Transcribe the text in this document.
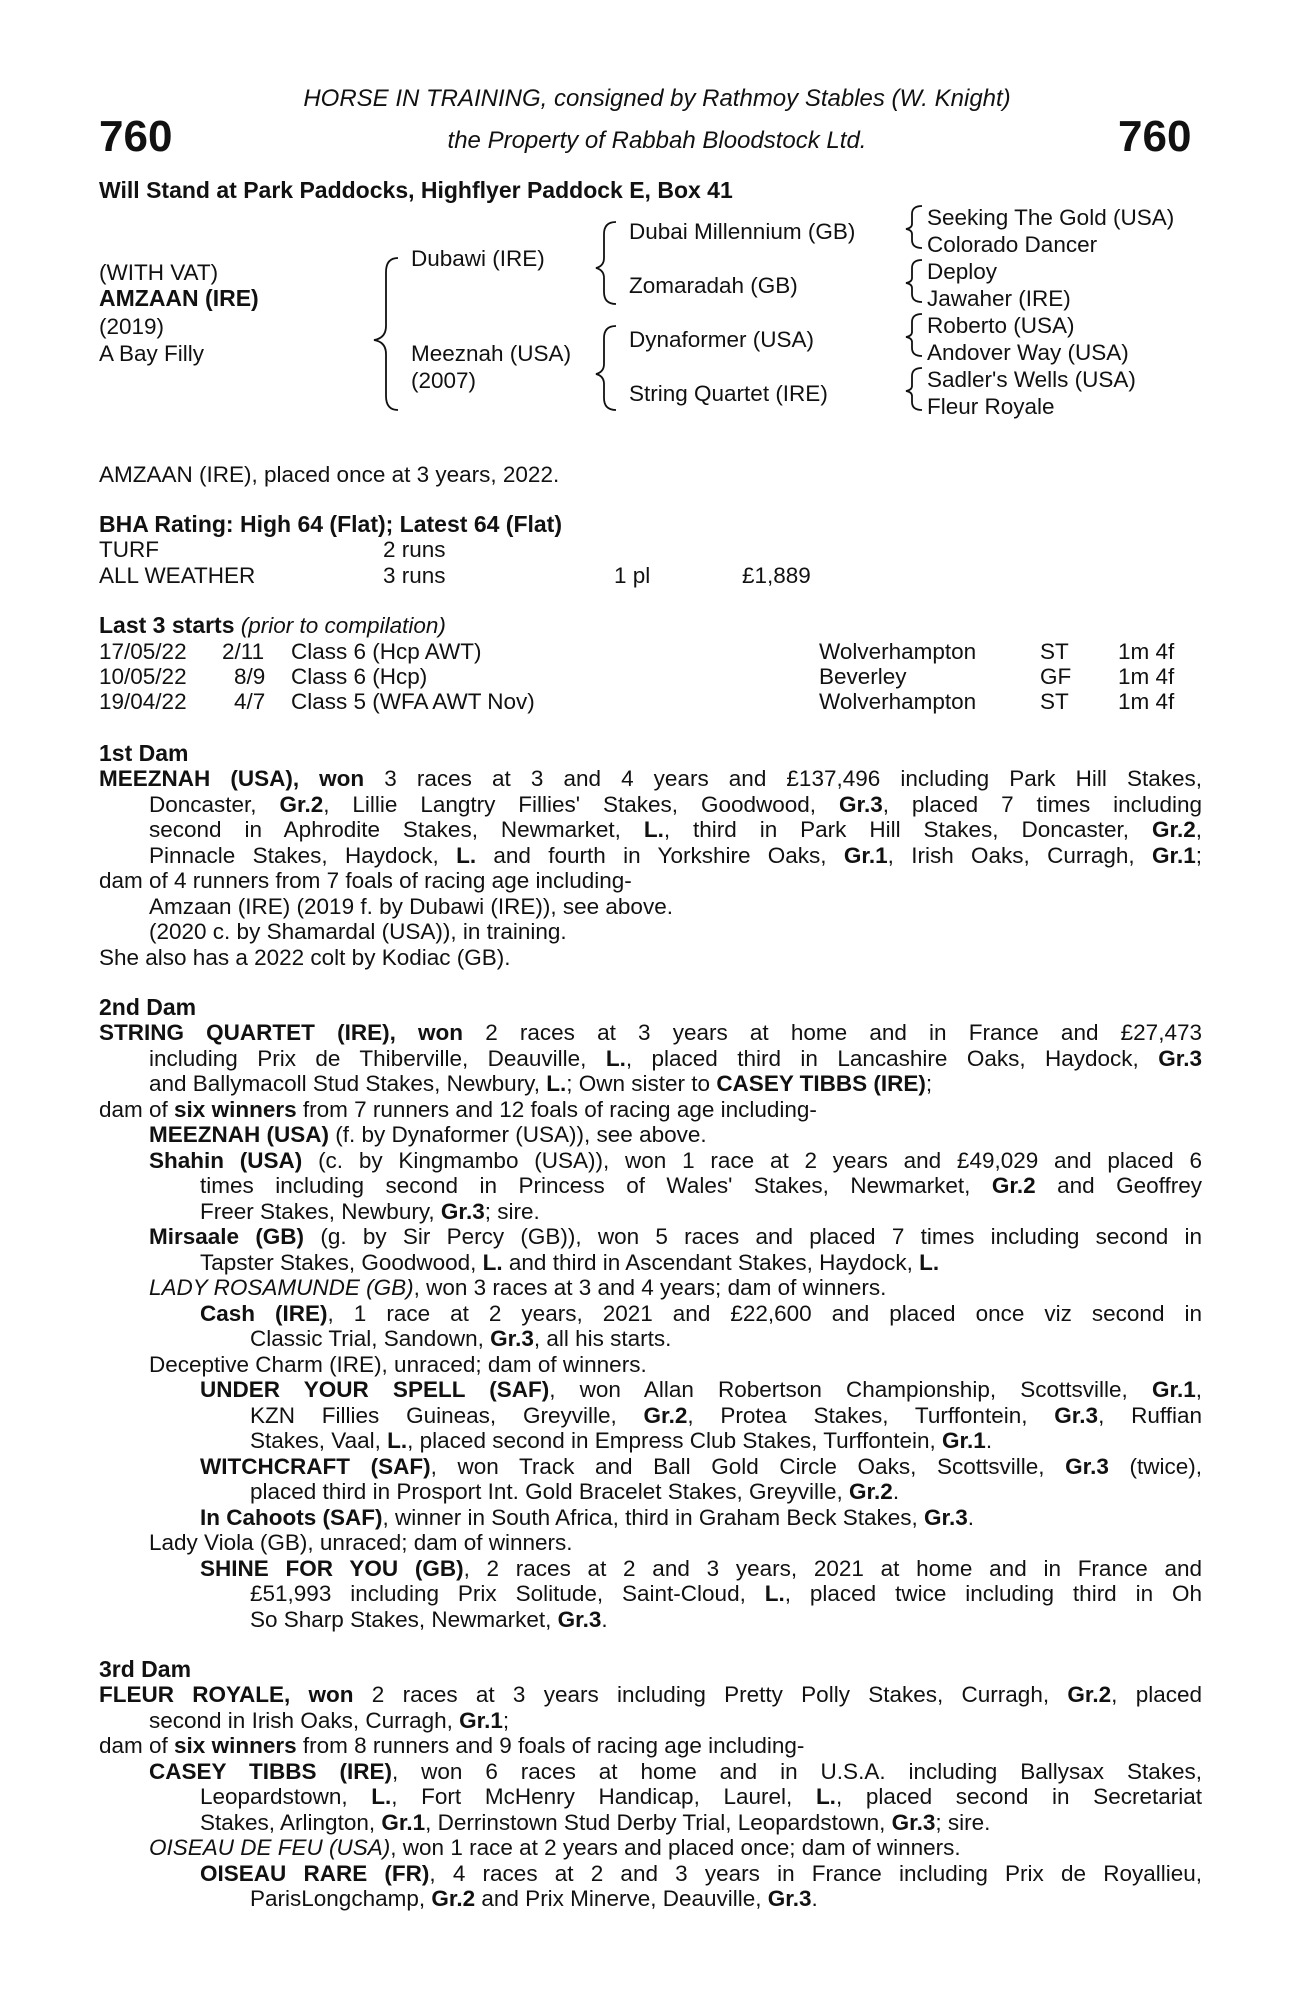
760	760
HORSE IN TRAINING, consigned by Rathmoy Stables (W. Knight)
the Property of Rabbah Bloodstock Ltd.
Will Stand at Park Paddocks, Highflyer Paddock E, Box 41
(WITH VAT)
AMZAAN (IRE)
(2019)
A Bay Filly
Dubawi (IRE)
Meeznah (USA)
(2007)
Dubai Millennium (GB)
Zomaradah (GB)
Dynaformer (USA)
String Quartet (IRE)
Seeking The Gold (USA)
Colorado Dancer
Deploy
Jawaher (IRE)
Roberto (USA)
Andover Way (USA)
Sadler's Wells (USA)
Fleur Royale
AMZAAN (IRE), placed once at 3 years, 2022.
BHA Rating: High 64 (Flat); Latest 64 (Flat)
TURF	2 runs
ALL WEATHER	3 runs	1 pl	£1,889
Last 3 starts (prior to compilation)
17/05/22 2/11 Class 6 (Hcp AWT)	Wolverhampton	ST 1m 4f
10/05/22 8/9 Class 6 (Hcp)	Beverley	GF 1m 4f
19/04/22 4/7 Class 5 (WFA AWT Nov)	Wolverhampton	ST 1m 4f
1st Dam
MEEZNAH (USA), won 3 races at 3 and 4 years and £137,496 including Park Hill Stakes,
Doncaster, Gr.2, Lillie Langtry Fillies' Stakes, Goodwood, Gr.3, placed 7 times including
second in Aphrodite Stakes, Newmarket, L., third in Park Hill Stakes, Doncaster, Gr.2,
Pinnacle Stakes, Haydock, L. and fourth in Yorkshire Oaks, Gr.1, Irish Oaks, Curragh, Gr.1;
dam of 4 runners from 7 foals of racing age including-
Amzaan (IRE) (2019 f. by Dubawi (IRE)), see above.
(2020 c. by Shamardal (USA)), in training.
She also has a 2022 colt by Kodiac (GB).
2nd Dam
STRING QUARTET (IRE), won 2 races at 3 years at home and in France and £27,473
including Prix de Thiberville, Deauville, L., placed third in Lancashire Oaks, Haydock, Gr.3
and Ballymacoll Stud Stakes, Newbury, L.; Own sister to CASEY TIBBS (IRE);
dam of six winners from 7 runners and 12 foals of racing age including-
MEEZNAH (USA) (f. by Dynaformer (USA)), see above.
Shahin (USA) (c. by Kingmambo (USA)), won 1 race at 2 years and £49,029 and placed 6
times including second in Princess of Wales' Stakes, Newmarket, Gr.2 and Geoffrey
Freer Stakes, Newbury, Gr.3; sire.
Mirsaale (GB) (g. by Sir Percy (GB)), won 5 races and placed 7 times including second in
Tapster Stakes, Goodwood, L. and third in Ascendant Stakes, Haydock, L.
LADY ROSAMUNDE (GB), won 3 races at 3 and 4 years; dam of winners.
Cash (IRE), 1 race at 2 years, 2021 and £22,600 and placed once viz second in
Classic Trial, Sandown, Gr.3, all his starts.
Deceptive Charm (IRE), unraced; dam of winners.
UNDER YOUR SPELL (SAF), won Allan Robertson Championship, Scottsville, Gr.1,
KZN Fillies Guineas, Greyville, Gr.2, Protea Stakes, Turffontein, Gr.3, Ruffian
Stakes, Vaal, L., placed second in Empress Club Stakes, Turffontein, Gr.1.
WITCHCRAFT (SAF), won Track and Ball Gold Circle Oaks, Scottsville, Gr.3 (twice),
placed third in Prosport Int. Gold Bracelet Stakes, Greyville, Gr.2.
In Cahoots (SAF), winner in South Africa, third in Graham Beck Stakes, Gr.3.
Lady Viola (GB), unraced; dam of winners.
SHINE FOR YOU (GB), 2 races at 2 and 3 years, 2021 at home and in France and
£51,993 including Prix Solitude, Saint-Cloud, L., placed twice including third in Oh
So Sharp Stakes, Newmarket, Gr.3.
3rd Dam
FLEUR ROYALE, won 2 races at 3 years including Pretty Polly Stakes, Curragh, Gr.2, placed
second in Irish Oaks, Curragh, Gr.1;
dam of six winners from 8 runners and 9 foals of racing age including-
CASEY TIBBS (IRE), won 6 races at home and in U.S.A. including Ballysax Stakes,
Leopardstown, L., Fort McHenry Handicap, Laurel, L., placed second in Secretariat
Stakes, Arlington, Gr.1, Derrinstown Stud Derby Trial, Leopardstown, Gr.3; sire.
OISEAU DE FEU (USA), won 1 race at 2 years and placed once; dam of winners.
OISEAU RARE (FR), 4 races at 2 and 3 years in France including Prix de Royallieu,
ParisLongchamp, Gr.2 and Prix Minerve, Deauville, Gr.3.
